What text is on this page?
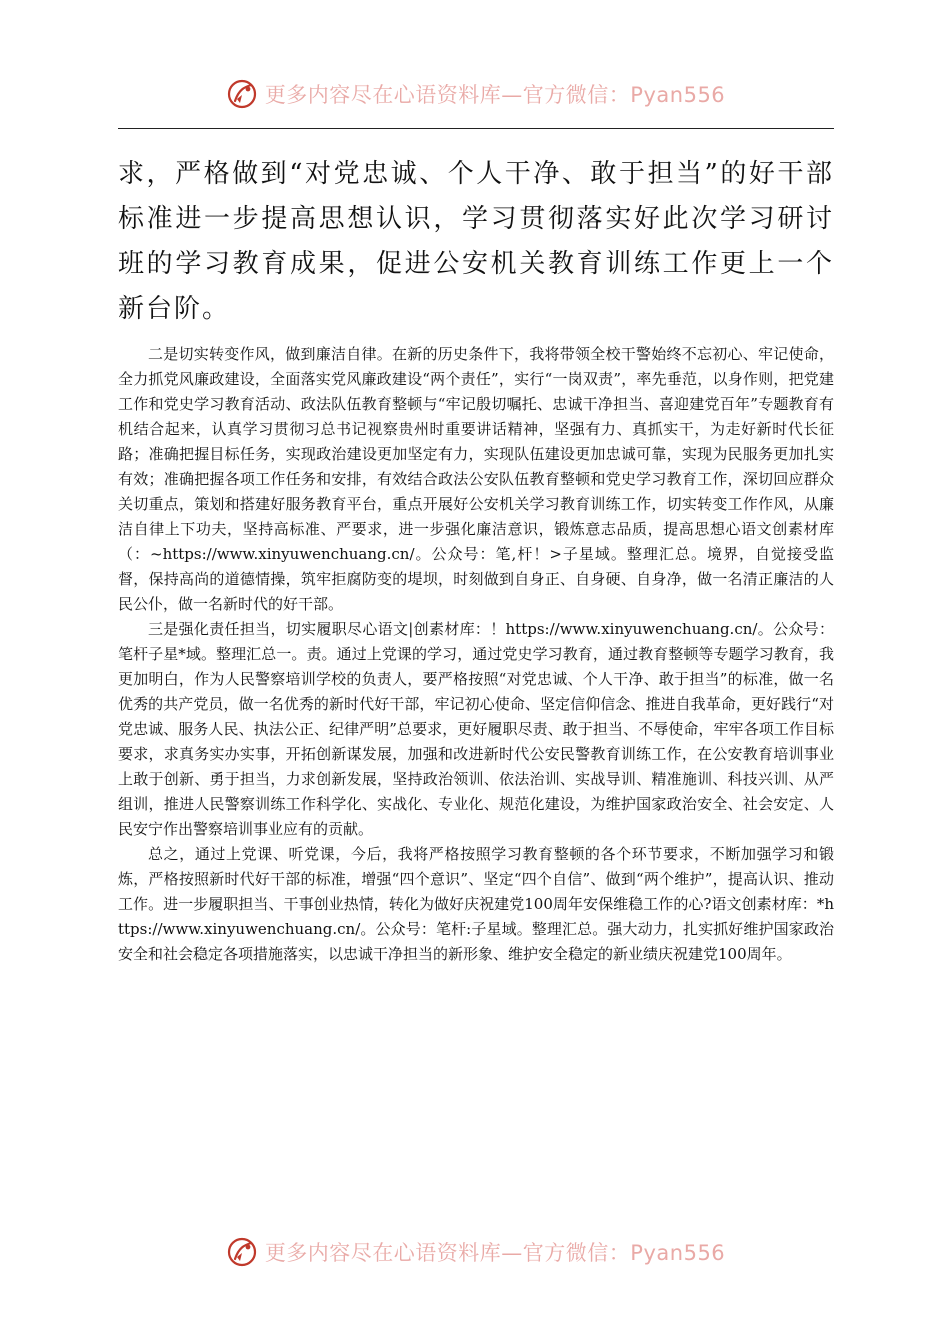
更多内容尽在心语资料库—官方微信：Pyan556

求，严格做到“对党忠诚、个人干净、敢于担当”的好干部标准进一步提高思想认识，学习贯彻落实好此次学习研讨班的学习教育成果，促进公安机关教育训练工作更上一个新台阶。

二是切实转变作风，做到廉洁自律。在新的历史条件下，我将带领全校干警始终不忘初心、牢记使命，全力抓党风廉政建设，全面落实党风廉政建设“两个责任”，实行“一岗双责”，率先垂范，以身作则，把党建工作和党史学习教育活动、政法队伍教育整顿与“牢记殷切嘱托、忠诚干净担当、喜迎建党百年”专题教育有机结合起来，认真学习贯彻习总书记视察贵州时重要讲话精神，坚强有力、真抓实干，为走好新时代长征路；准确把握目标任务，实现政治建设更加坚定有力，实现队伍建设更加忠诚可靠，实现为民服务更加扎实有效；准确把握各项工作任务和安排，有效结合政法公安队伍教育整顿和党史学习教育工作，深切回应群众关切重点，策划和搭建好服务教育平台，重点开展好公安机关学习教育训练工作，切实转变工作作风，从廉洁自律上下功夫，坚持高标准、严要求，进一步强化廉洁意识，锻炼意志品质，提高思想心语文创素材库（：~https://www.xinyuwenchuang.cn/。公众号：笔,杆！>子星域。整理汇总。境界，自觉接受监督，保持高尚的道德情操，筑牢拒腐防变的堤坝，时刻做到自身正、自身硬、自身净，做一名清正廉洁的人民公仆，做一名新时代的好干部。

三是强化责任担当，切实履职尽心语文|创素材库：！https://www.xinyuwenchuang.cn/。公众号：笔杆子星*域。整理汇总一。责。通过上党课的学习，通过党史学习教育，通过教育整顿等专题学习教育，我更加明白，作为人民警察培训学校的负责人，要严格按照“对党忠诚、个人干净、敢于担当”的标准，做一名优秀的共产党员，做一名优秀的新时代好干部，牢记初心使命、坚定信仰信念、推进自我革命，更好践行“对党忠诚、服务人民、执法公正、纪律严明”总要求，更好履职尽责、敢于担当、不辱使命，牢牢各项工作目标要求，求真务实办实事，开拓创新谋发展，加强和改进新时代公安民警教育训练工作，在公安教育培训事业上敢于创新、勇于担当，力求创新发展，坚持政治领训、依法治训、实战导训、精准施训、科技兴训、从严组训，推进人民警察训练工作科学化、实战化、专业化、规范化建设，为维护国家政治安全、社会安定、人民安宁作出警察培训事业应有的贡献。

总之，通过上党课、听党课，今后，我将严格按照学习教育整顿的各个环节要求，不断加强学习和锻炼，严格按照新时代好干部的标准，增强“四个意识”、坚定“四个自信”、做到“两个维护”，提高认识、推动工作。进一步履职担当、干事创业热情，转化为做好庆祝建党100周年安保维稳工作的心?语文创素材库：*https://www.xinyuwenchuang.cn/。公众号：笔杆:子星域。整理汇总。强大动力，扎实抓好维护国家政治安全和社会稳定各项措施落实，以忠诚干净担当的新形象、维护安全稳定的新业绩庆祝建党100周年。

更多内容尽在心语资料库—官方微信：Pyan556
